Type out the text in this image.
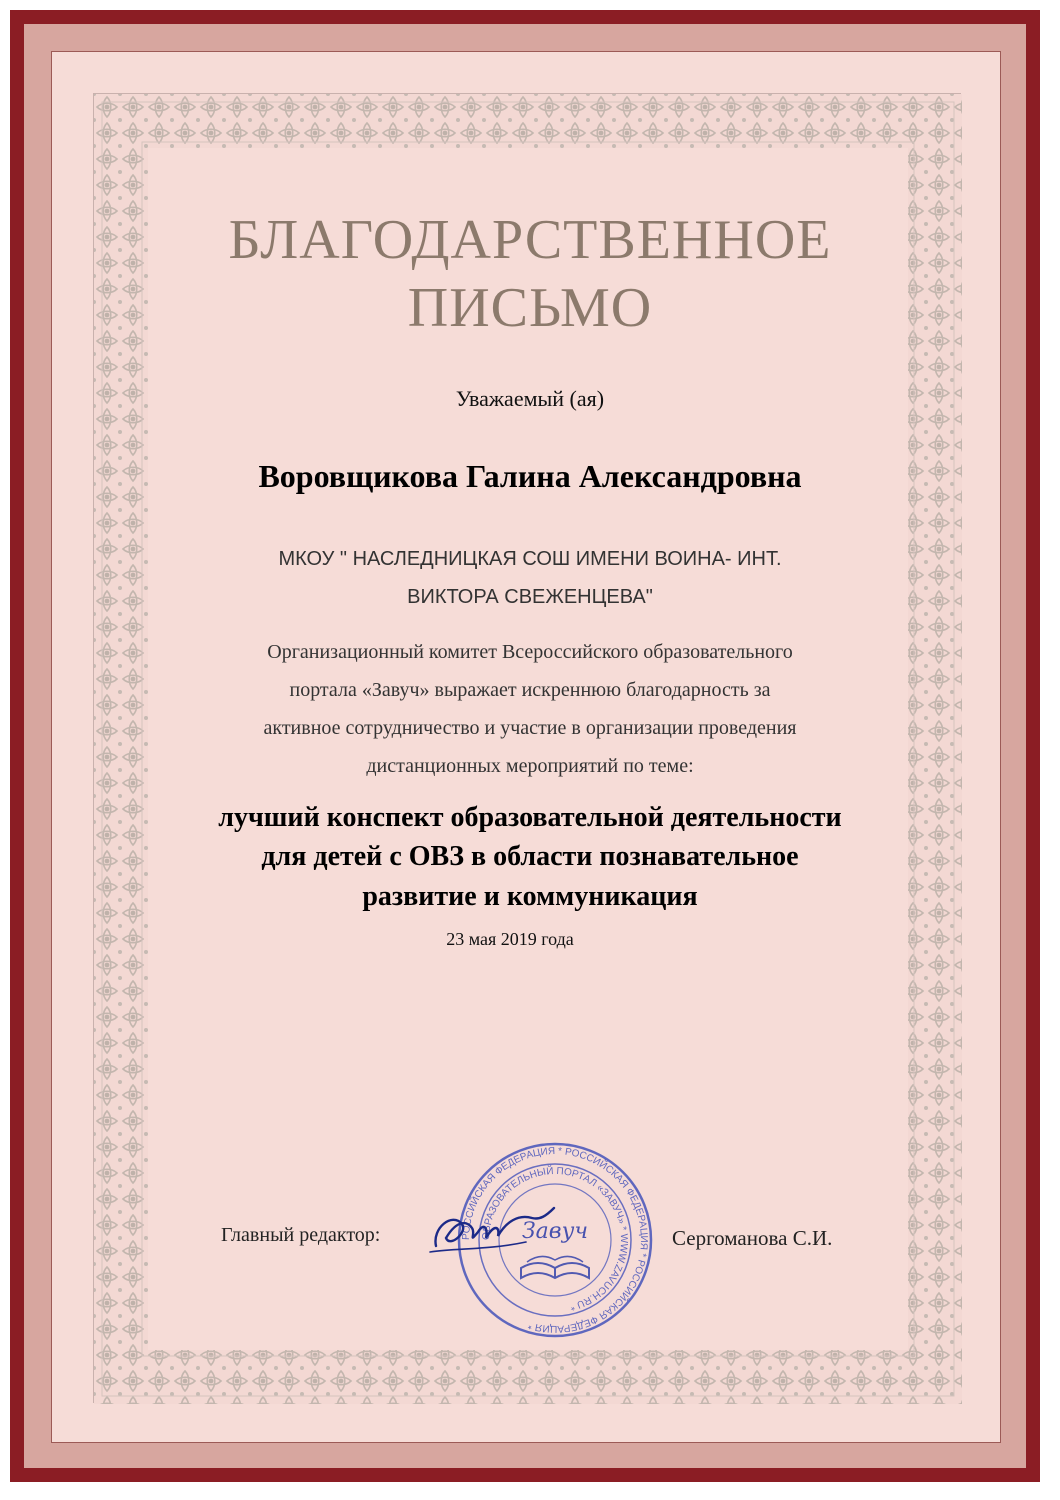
БЛАГОДАРСТВЕННОЕ
ПИСЬМО
Уважаемый (ая)
Воровщикова Галина Александровна
МКОУ " НАСЛЕДНИЦКАЯ СОШ ИМЕНИ ВОИНА- ИНТ.
ВИКТОРА СВЕЖЕНЦЕВА"
Организационный комитет Всероссийского образовательного
портала «Завуч» выражает искреннюю благодарность за
активное сотрудничество и участие в организации проведения
дистанционных мероприятий по теме:
лучший конспект образовательной деятельности
для детей с ОВЗ в области познавательное
развитие и коммуникация
23 мая 2019 года
Главный редактор:	РОССИЙСКАЯ ФЕДЕРАЦИЯ * РОССИЙСКАЯ ФЕДЕРАЦИЯ * РОССИЙСКАЯ ФЕДЕРАЦИЯ *
ОБРАЗОВАТЕЛЬНЫЙ ПОРТАЛ «ЗАВУЧ» * WWW.ZAVUCH.RU *
Завуч	Сергоманова С.И.
